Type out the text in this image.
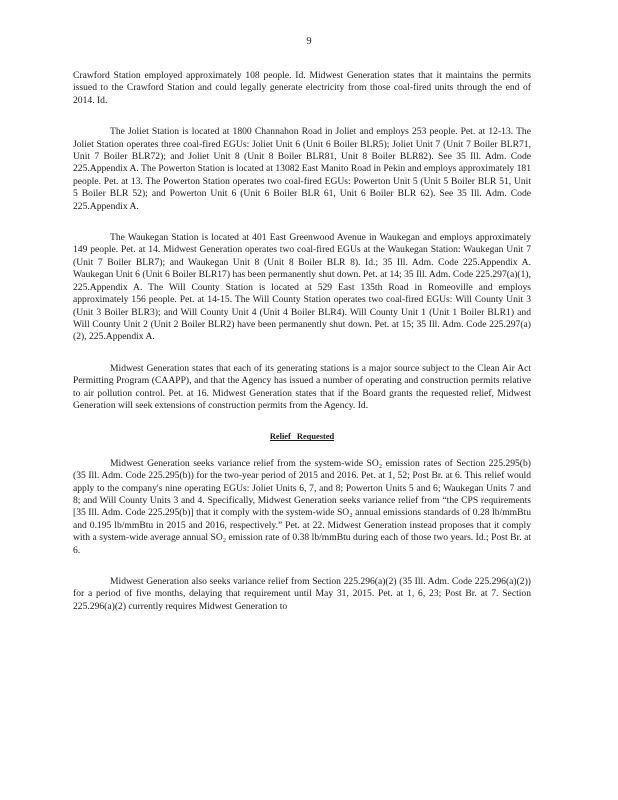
9

Crawford Station employed approximately 108 people. Id. Midwest Generation states that it maintains the permits issued to the Crawford Station and could legally generate electricity from those coal-fired units through the end of 2014. Id.

The Joliet Station is located at 1800 Channahon Road in Joliet and employs 253 people. Pet. at 12-13. The Joliet Station operates three coal-fired EGUs: Joliet Unit 6 (Unit 6 Boiler BLR5); Joliet Unit 7 (Unit 7 Boiler BLR71, Unit 7 Boiler BLR72); and Joliet Unit 8 (Unit 8 Boiler BLR81, Unit 8 Boiler BLR82). See 35 Ill. Adm. Code 225.Appendix A. The Powerton Station is located at 13082 East Manito Road in Pekin and employs approximately 181 people. Pet. at 13. The Powerton Station operates two coal-fired EGUs: Powerton Unit 5 (Unit 5 Boiler BLR 51, Unit 5 Boiler BLR 52); and Powerton Unit 6 (Unit 6 Boiler BLR 61, Unit 6 Boiler BLR 62). See 35 Ill. Adm. Code 225.Appendix A.

The Waukegan Station is located at 401 East Greenwood Avenue in Waukegan and employs approximately 149 people. Pet. at 14. Midwest Generation operates two coal-fired EGUs at the Waukegan Station: Waukegan Unit 7 (Unit 7 Boiler BLR7); and Waukegan Unit 8 (Unit 8 Boiler BLR 8). Id.; 35 Ill. Adm. Code 225.Appendix A. Waukegan Unit 6 (Unit 6 Boiler BLR17) has been permanently shut down. Pet. at 14; 35 Ill. Adm. Code 225.297(a)(1), 225.Appendix A. The Will County Station is located at 529 East 135th Road in Romeoville and employs approximately 156 people. Pet. at 14-15. The Will County Station operates two coal-fired EGUs: Will County Unit 3 (Unit 3 Boiler BLR3); and Will County Unit 4 (Unit 4 Boiler BLR4). Will County Unit 1 (Unit 1 Boiler BLR1) and Will County Unit 2 (Unit 2 Boiler BLR2) have been permanently shut down. Pet. at 15; 35 Ill. Adm. Code 225.297(a)(2), 225.Appendix A.

Midwest Generation states that each of its generating stations is a major source subject to the Clean Air Act Permitting Program (CAAPP), and that the Agency has issued a number of operating and construction permits relative to air pollution control. Pet. at 16. Midwest Generation states that if the Board grants the requested relief, Midwest Generation will seek extensions of construction permits from the Agency. Id.

Relief Requested

Midwest Generation seeks variance relief from the system-wide SO₂ emission rates of Section 225.295(b) (35 Ill. Adm. Code 225.295(b)) for the two-year period of 2015 and 2016. Pet. at 1, 52; Post Br. at 6. This relief would apply to the company's nine operating EGUs: Joliet Units 6, 7, and 8; Powerton Units 5 and 6; Waukegan Units 7 and 8; and Will County Units 3 and 4. Specifically, Midwest Generation seeks variance relief from “the CPS requirements [35 Ill. Adm. Code 225.295(b)] that it comply with the system-wide SO₂ annual emissions standards of 0.28 lb/mmBtu and 0.195 lb/mmBtu in 2015 and 2016, respectively.” Pet. at 22. Midwest Generation instead proposes that it comply with a system-wide average annual SO₂ emission rate of 0.38 lb/mmBtu during each of those two years. Id.; Post Br. at 6.

Midwest Generation also seeks variance relief from Section 225.296(a)(2) (35 Ill. Adm. Code 225.296(a)(2)) for a period of five months, delaying that requirement until May 31, 2015. Pet. at 1, 6, 23; Post Br. at 7. Section 225.296(a)(2) currently requires Midwest Generation to
